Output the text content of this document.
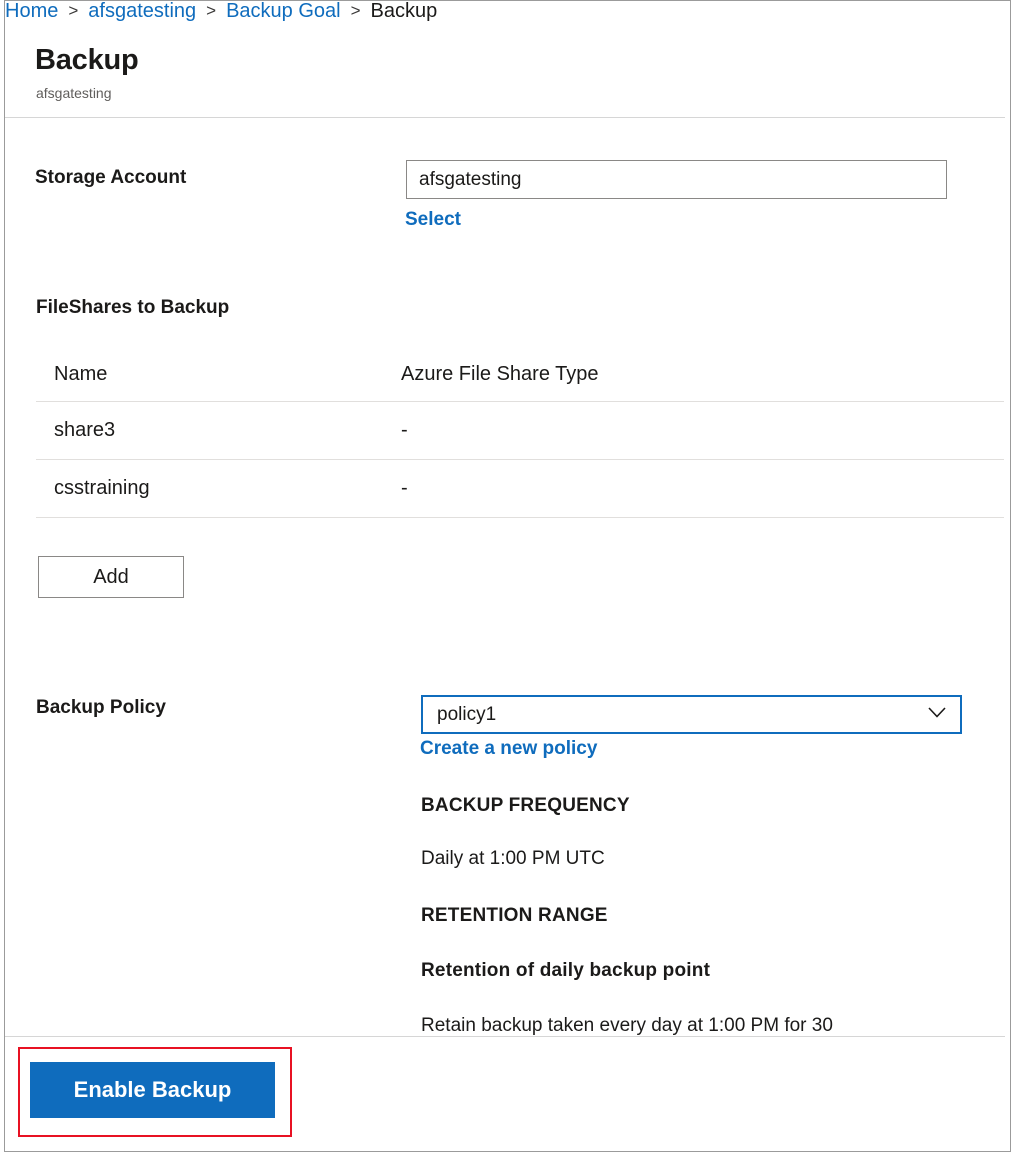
Home > afsgatesting > Backup Goal > Backup
Backup
afsgatesting
Storage Account
afsgatesting
Select
FileShares to Backup
Name	Azure File Share Type
share3	-
csstraining	-
Add
Backup Policy
policy1
Create a new policy
BACKUP FREQUENCY
Daily at 1:00 PM UTC
RETENTION RANGE
Retention of daily backup point
Retain backup taken every day at 1:00 PM for 30
Enable Backup
